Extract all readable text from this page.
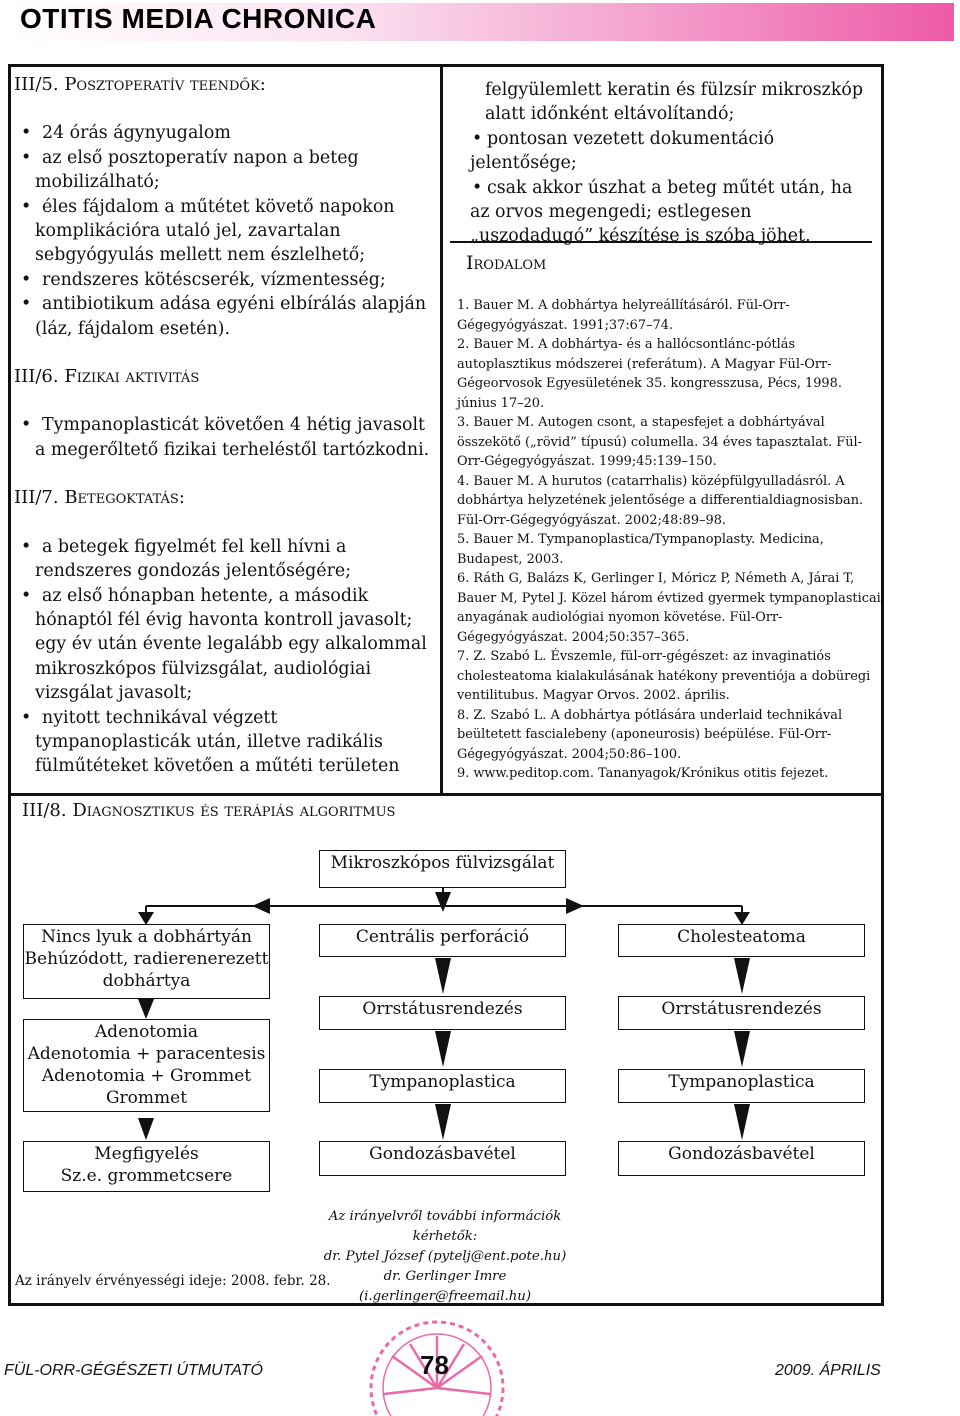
OTITIS MEDIA CHRONICA
III/5. Posztoperatív teendők:
• 24 órás ágynyugalom
• az első posztoperatív napon a beteg mobilizálható;
• éles fájdalom a műtétet követő napokon komplikációra utaló jel, zavartalan sebgyógyulás mellett nem észlelhető;
• rendszeres kötéscserék, vízmentesség;
• antibiotikum adása egyéni elbírálás alapján (láz, fájdalom esetén).
III/6. Fizikai aktivitás
• Tympanoplasticát követően 4 hétig javasolt a megerőltető fizikai terheléstől tartózkodni.
III/7. Betegoktatás:
• a betegek figyelmét fel kell hívni a rendszeres gondozás jelentőségére;
• az első hónapban hetente, a második hónaptól fél évig havonta kontroll javasolt; egy év után évente legalább egy alkalommal mikroszkópos fülvizsgálat, audiológiai vizsgálat javasolt;
• nyitott technikával végzett tympanoplasticák után, illetve radikális fülműtéteket követően a műtéti területen
felgyülemlett keratin és fülzsír mikroszkóp alatt időnként eltávolítandó;
• pontosan vezetett dokumentáció jelentősége;
• csak akkor úszhat a beteg műtét után, ha az orvos megengedi; estlegesen „uszodadugó” készítése is szóba jöhet.
Irodalom
1. Bauer M. A dobhártya helyreállításáról. Fül-Orr-Gégegyógyászat. 1991;37:67–74.
2. Bauer M. A dobhártya- és a hallócsontlánc-pótlás autoplasztikus módszerei (referátum). A Magyar Fül-Orr-Gégeorvosok Egyesületének 35. kongresszusa, Pécs, 1998. június 17–20.
3. Bauer M. Autogen csont, a stapesfejet a dobhártyával összekötő („rövid” típusú) columella. 34 éves tapasztalat. Fül-Orr-Gégegyógyászat. 1999;45:139–150.
4. Bauer M. A hurutos (catarrhalis) középfülgyulladásról. A dobhártya helyzetének jelentősége a differentialdiagnosisban. Fül-Orr-Gégegyógyászat. 2002;48:89–98.
5. Bauer M. Tympanoplastica/Tympanoplasty. Medicina, Budapest, 2003.
6. Ráth G, Balázs K, Gerlinger I, Móricz P, Németh A, Járai T, Bauer M, Pytel J. Közel három évtized gyermek tympanoplasticai anyagának audiológiai nyomon követése. Fül-Orr-Gégegyógyászat. 2004;50:357–365.
7. Z. Szabó L. Évszemle, fül-orr-gégészet: az invaginatiós cholesteatoma kialakulásának hatékony preventiója a dobüregi ventilitubus. Magyar Orvos. 2002. április.
8. Z. Szabó L. A dobhártya pótlására underlaid technikával beültetett fascialebeny (aponeurosis) beépülése. Fül-Orr-Gégegyógyászat. 2004;50:86–100.
9. www.peditop.com. Tananyagok/Krónikus otitis fejezet.
III/8. Diagnosztikus és terápiás algoritmus
Mikroszkópos fülvizsgálat
Nincs lyuk a dobhártyán
Behúzódott, radierenerezett
dobhártya
Adenotomia
Adenotomia + paracentesis
Adenotomia + Grommet
Grommet
Megfigyelés
Sz.e. grommetcsere
Centrális perforáció
Orrstátusrendezés
Tympanoplastica
Gondozásbavétel
Cholesteatoma
Orrstátusrendezés
Tympanoplastica
Gondozásbavétel
Az irányelvről további információk kérhetők:
dr. Pytel József (pytelj@ent.pote.hu)
dr. Gerlinger Imre (i.gerlinger@freemail.hu)
Az irányelv érvényességi ideje: 2008. febr. 28.
FÜL-ORR-GÉGÉSZETI ÚTMUTATÓ	78	2009. ÁPRILIS
